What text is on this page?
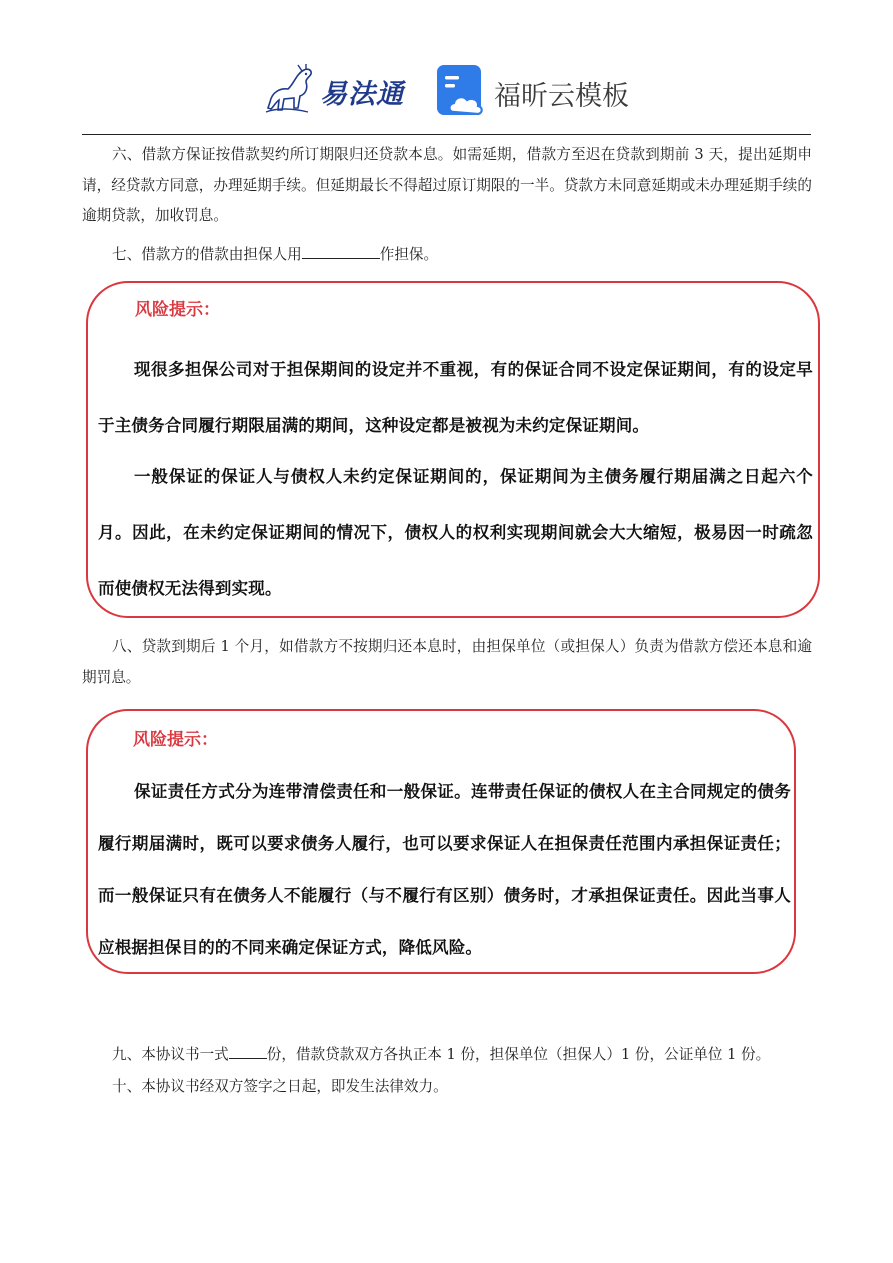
易法通	福昕云模板
六、借款方保证按借款契约所订期限归还贷款本息。如需延期，借款方至迟在贷款到期前 3 天，提出延期申请，经贷款方同意，办理延期手续。但延期最长不得超过原订期限的一半。贷款方未同意延期或未办理延期手续的逾期贷款，加收罚息。
七、借款方的借款由担保人用	作担保。
风险提示：
现很多担保公司对于担保期间的设定并不重视，有的保证合同不设定保证期间，有的设定早于主债务合同履行期限届满的期间，这种设定都是被视为未约定保证期间。
一般保证的保证人与债权人未约定保证期间的，保证期间为主债务履行期届满之日起六个月。因此，在未约定保证期间的情况下，债权人的权利实现期间就会大大缩短，极易因一时疏忽而使债权无法得到实现。
八、贷款到期后 1 个月，如借款方不按期归还本息时，由担保单位（或担保人）负责为借款方偿还本息和逾期罚息。
风险提示：
保证责任方式分为连带清偿责任和一般保证。连带责任保证的债权人在主合同规定的债务履行期届满时，既可以要求债务人履行，也可以要求保证人在担保责任范围内承担保证责任；而一般保证只有在债务人不能履行（与不履行有区别）债务时，才承担保证责任。因此当事人应根据担保目的的不同来确定保证方式，降低风险。
九、本协议书一式	份，借款贷款双方各执正本 1 份，担保单位（担保人）1 份，公证单位 1 份。
十、本协议书经双方签字之日起，即发生法律效力。
